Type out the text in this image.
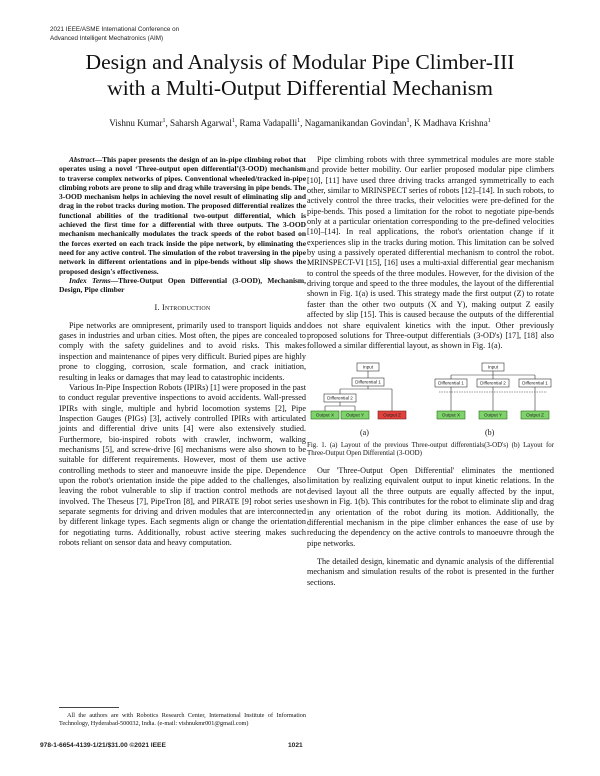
2021 IEEE/ASME International Conference on
Advanced Intelligent Mechatronics (AIM)
Design and Analysis of Modular Pipe Climber-III
with a Multi-Output Differential Mechanism
Vishnu Kumar$^1$, Saharsh Agarwal$^1$, Rama Vadapalli$^1$, Nagamanikandan Govindan$^1$, K Madhava Krishna$^1$

Abstract—This paper presents the design of an in-pipe climbing robot that operates using a novel ‘Three-output open differential’(3-OOD) mechanism to traverse complex networks of pipes. Conventional wheeled/tracked in-pipe climbing robots are prone to slip and drag while traversing in pipe bends. The 3-OOD mechanism helps in achieving the novel result of eliminating slip and drag in the robot tracks during motion. The proposed differential realizes the functional abilities of the traditional two-output differential, which is achieved the first time for a differential with three outputs. The 3-OOD mechanism mechanically modulates the track speeds of the robot based on the forces exerted on each track inside the pipe network, by eliminating the need for any active control. The simulation of the robot traversing in the pipe network in different orientations and in pipe-bends without slip shows the proposed design's effectiveness.

Index Terms—Three-Output Open Differential (3-OOD), Mechanism, Design, Pipe climber

I. Introduction

Pipe networks are omnipresent, primarily used to transport liquids and gases in industries and urban cities. Most often, the pipes are concealed to comply with the safety guidelines and to avoid risks. This makes inspection and maintenance of pipes very difficult. Buried pipes are highly prone to clogging, corrosion, scale formation, and crack initiation, resulting in leaks or damages that may lead to catastrophic incidents.

Various In-Pipe Inspection Robots (IPIRs) [1] were proposed in the past to conduct regular preventive inspections to avoid accidents. Wall-pressed IPIRs with single, multiple and hybrid locomotion systems [2], Pipe Inspection Gauges (PIGs) [3], actively controlled IPIRs with articulated joints and differential drive units [4] were also extensively studied. Furthermore, bio-inspired robots with crawler, inchworm, walking mechanisms [5], and screw-drive [6] mechanisms were also shown to be suitable for different requirements. However, most of them use active controlling methods to steer and manoeuvre inside the pipe. Dependence upon the robot's orientation inside the pipe added to the challenges, also leaving the robot vulnerable to slip if traction control methods are not involved. The Theseus [7], PipeTron [8], and PIRATE [9] robot series use separate segments for driving and driven modules that are interconnected by different linkage types. Each segments align or change the orientation for negotiating turns. Additionally, robust active steering makes such robots reliant on sensor data and heavy computation.

All the authors are with Robotics Research Center, International Institute of Information Technology, Hyderabad-500032, India. (e-mail: vishnukmr001@gmail.com)

Pipe climbing robots with three symmetrical modules are more stable and provide better mobility. Our earlier proposed modular pipe climbers [10], [11] have used three driving tracks arranged symmetrically to each other, similar to MRINSPECT series of robots [12]–[14]. In such robots, to actively control the three tracks, their velocities were pre-defined for the pipe-bends. This posed a limitation for the robot to negotiate pipe-bends only at a particular orientation corresponding to the pre-defined velocities [10]–[14]. In real applications, the robot's orientation change if it experiences slip in the tracks during motion. This limitation can be solved by using a passively operated differential mechanism to control the robot. MRINSPECT-VI [15], [16] uses a multi-axial differential gear mechanism to control the speeds of the three modules. However, for the division of the driving torque and speed to the three modules, the layout of the differential shown in Fig. 1(a) is used. This strategy made the first output (Z) to rotate faster than the other two outputs (X and Y), making output Z easily affected by slip [15]. This is caused because the outputs of the differential does not share equivalent kinetics with the input. Other previously proposed solutions for Three-output differentials (3-OD's) [17], [18] also followed a similar differential layout, as shown in Fig. 1(a).

Input
Differential 1
Differential 2
Output X	Output Y	Output Z
Input
Differential 1	Differential 2	Differential 1
Output X	Output Y	Output Z
(a)	(b)
Fig. 1. (a) Layout of the previous Three-output differentials(3-OD's) (b) Layout for Three-Output Open Differential (3-OOD)

Our 'Three-Output Open Differential' eliminates the mentioned limitation by realizing equivalent output to input kinetic relations. In the devised layout all the three outputs are equally affected by the input, shown in Fig. 1(b). This contributes for the robot to eliminate slip and drag in any orientation of the robot during its motion. Additionally, the differential mechanism in the pipe climber enhances the ease of use by reducing the dependency on the active controls to manoeuvre through the pipe networks.

The detailed design, kinematic and dynamic analysis of the differential mechanism and simulation results of the robot is presented in the further sections.

978-1-6654-4139-1/21/$31.00 ©2021 IEEE	1021
